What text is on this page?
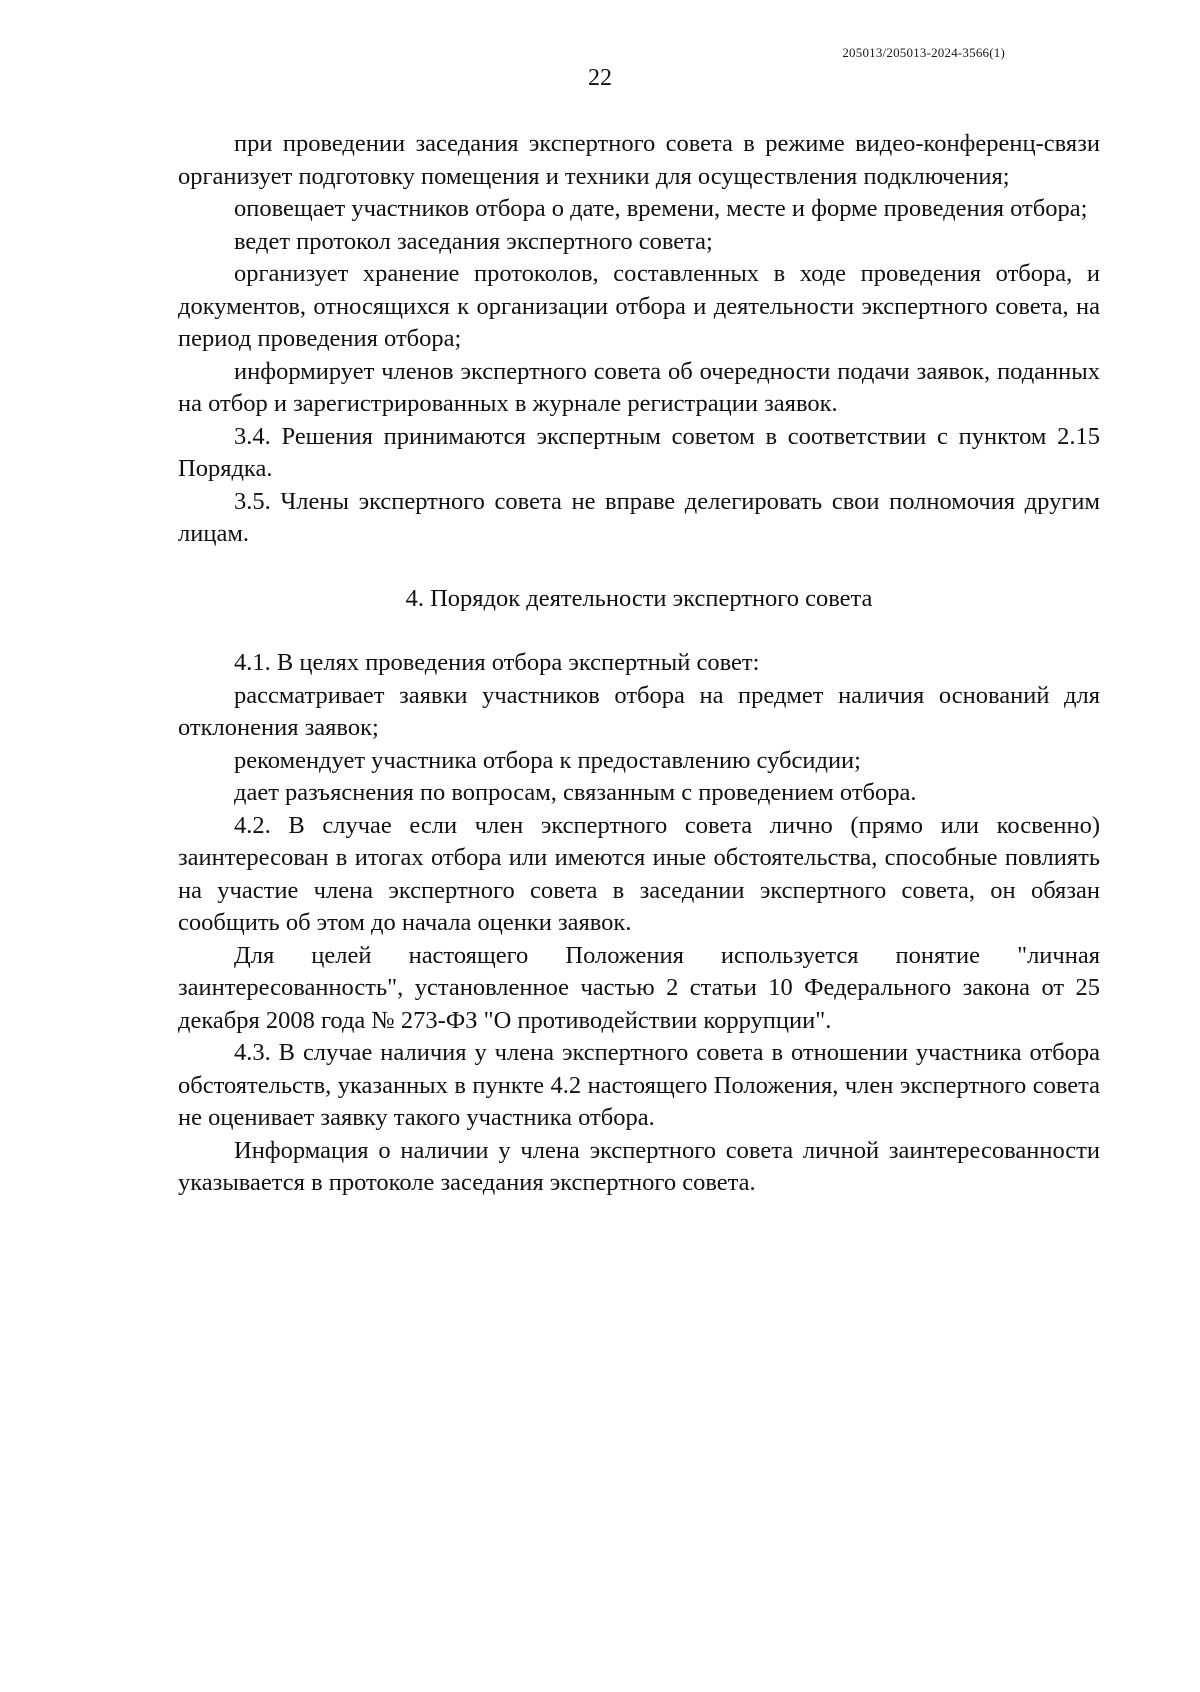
205013/205013-2024-3566(1)
22

при проведении заседания экспертного совета в режиме видео-конференц-связи организует подготовку помещения и техники для осуществления подключения;

оповещает участников отбора о дате, времени, месте и форме проведения отбора;

ведет протокол заседания экспертного совета;

организует хранение протоколов, составленных в ходе проведения отбора, и документов, относящихся к организации отбора и деятельности экспертного совета, на период проведения отбора;

информирует членов экспертного совета об очередности подачи заявок, поданных на отбор и зарегистрированных в журнале регистрации заявок.

3.4. Решения принимаются экспертным советом в соответствии с пунктом 2.15 Порядка.

3.5. Члены экспертного совета не вправе делегировать свои полномочия другим лицам.

4. Порядок деятельности экспертного совета

4.1. В целях проведения отбора экспертный совет:

рассматривает заявки участников отбора на предмет наличия оснований для отклонения заявок;

рекомендует участника отбора к предоставлению субсидии;

дает разъяснения по вопросам, связанным с проведением отбора.

4.2. В случае если член экспертного совета лично (прямо или косвенно) заинтересован в итогах отбора или имеются иные обстоятельства, способные повлиять на участие члена экспертного совета в заседании экспертного совета, он обязан сообщить об этом до начала оценки заявок.

Для целей настоящего Положения используется понятие "личная заинтересованность", установленное частью 2 статьи 10 Федерального закона от 25 декабря 2008 года № 273-ФЗ "О противодействии коррупции".

4.3. В случае наличия у члена экспертного совета в отношении участника отбора обстоятельств, указанных в пункте 4.2 настоящего Положения, член экспертного совета не оценивает заявку такого участника отбора.

Информация о наличии у члена экспертного совета личной заинтересованности указывается в протоколе заседания экспертного совета.
